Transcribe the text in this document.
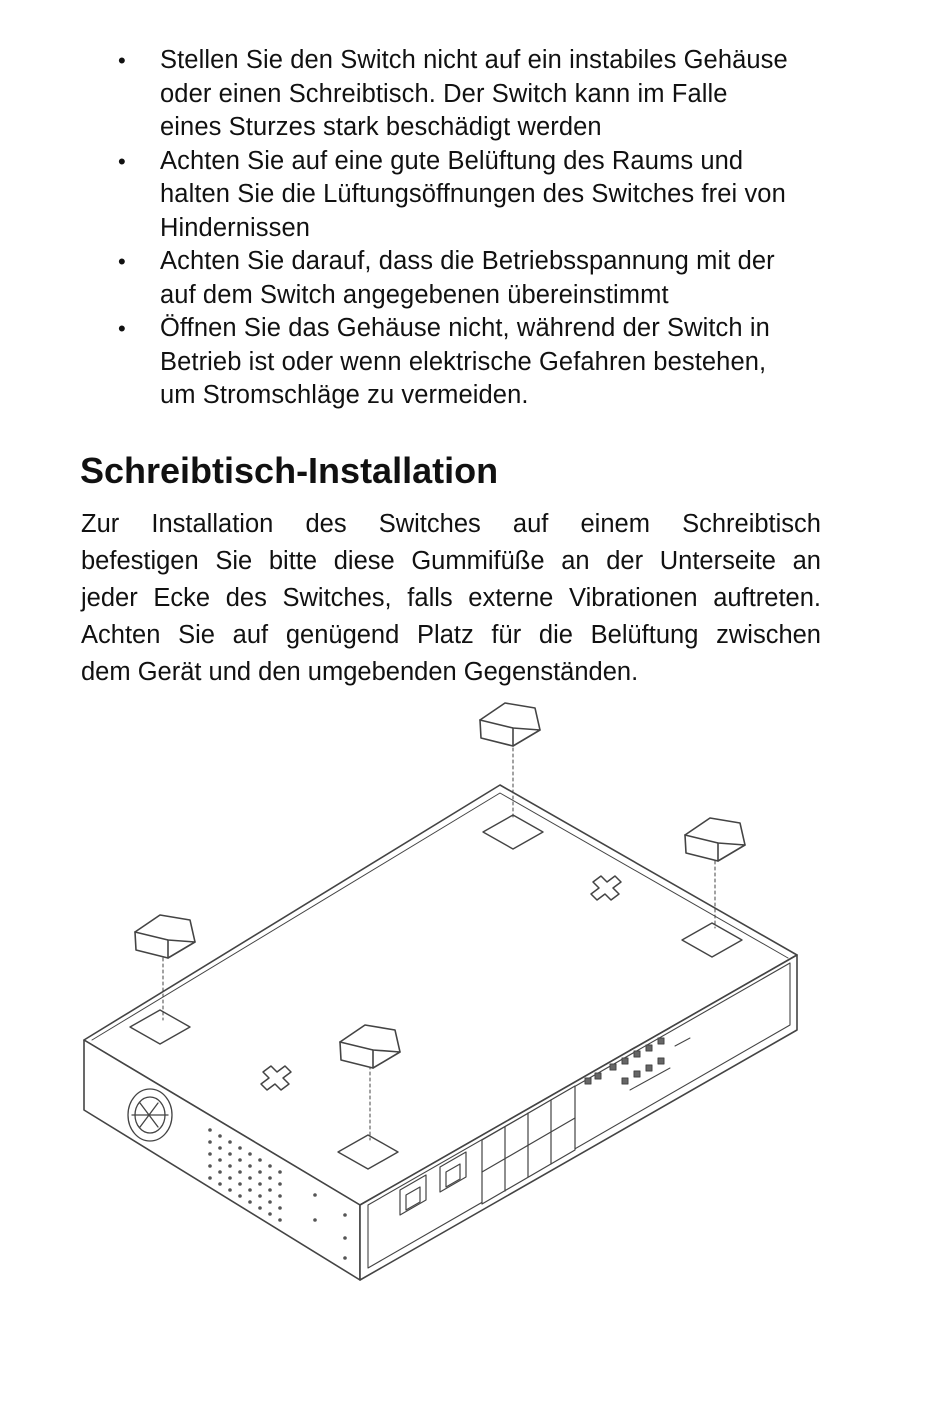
• Stellen Sie den Switch nicht auf ein instabiles Gehäuse
oder einen Schreibtisch. Der Switch kann im Falle
eines Sturzes stark beschädigt werden
• Achten Sie auf eine gute Belüftung des Raums und
halten Sie die Lüftungsöffnungen des Switches frei von
Hindernissen
• Achten Sie darauf, dass die Betriebsspannung mit der
auf dem Switch angegebenen übereinstimmt
• Öffnen Sie das Gehäuse nicht, während der Switch in
Betrieb ist oder wenn elektrische Gefahren bestehen,
um Stromschläge zu vermeiden.
Schreibtisch-Installation
Zur Installation des Switches auf einem Schreibtisch
befestigen Sie bitte diese Gummifüße an der Unterseite an
jeder Ecke des Switches, falls externe Vibrationen auftreten.
Achten Sie auf genügend Platz für die Belüftung zwischen
dem Gerät und den umgebenden Gegenständen.
